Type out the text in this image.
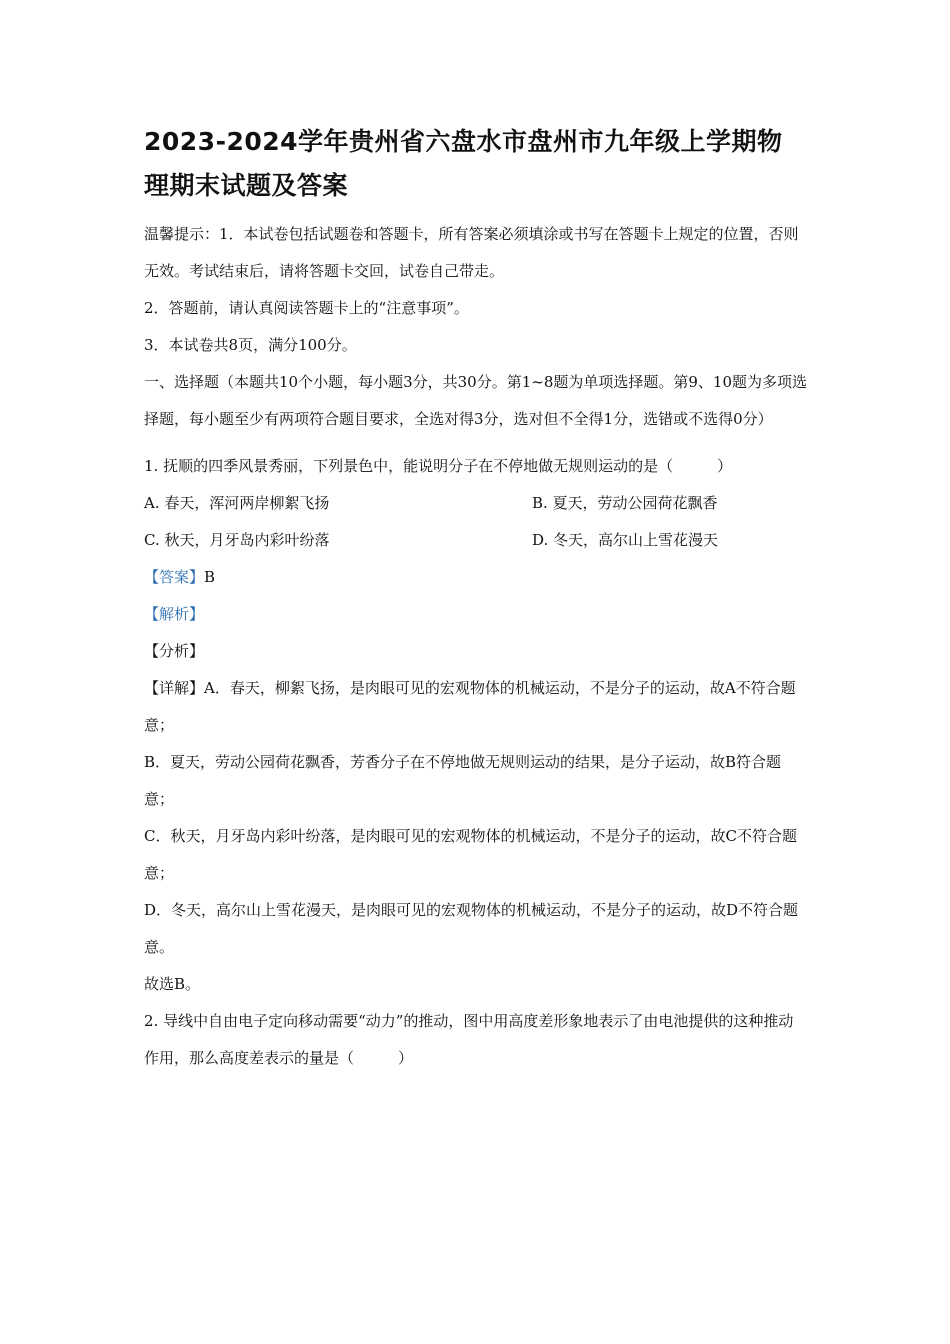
2023-2024学年贵州省六盘水市盘州市九年级上学期物理期末试题及答案

温馨提示：1．本试卷包括试题卷和答题卡，所有答案必须填涂或书写在答题卡上规定的位置，否则无效。考试结束后，请将答题卡交回，试卷自己带走。

2．答题前，请认真阅读答题卡上的“注意事项”。

3．本试卷共8页，满分100分。

一、选择题（本题共10个小题，每小题3分，共30分。第1~8题为单项选择题。第9、10题为多项选择题，每小题至少有两项符合题目要求，全选对得3分，选对但不全得1分，选错或不选得0分）

1. 抚顺的四季风景秀丽，下列景色中，能说明分子在不停地做无规则运动的是（	）

A. 春天，浑河两岸柳絮飞扬	B. 夏天，劳动公园荷花飘香
C. 秋天，月牙岛内彩叶纷落	D. 冬天，高尔山上雪花漫天

【答案】B

【解析】

【分析】

【详解】A．春天，柳絮飞扬，是肉眼可见的宏观物体的机械运动，不是分子的运动，故A不符合题意；

B．夏天，劳动公园荷花飘香，芳香分子在不停地做无规则运动的结果，是分子运动，故B符合题意；

C．秋天，月牙岛内彩叶纷落，是肉眼可见的宏观物体的机械运动，不是分子的运动，故C不符合题意；

D．冬天，高尔山上雪花漫天，是肉眼可见的宏观物体的机械运动，不是分子的运动，故D不符合题意。

故选B。

2. 导线中自由电子定向移动需要“动力”的推动，图中用高度差形象地表示了由电池提供的这种推动作用，那么高度差表示的量是（	）
